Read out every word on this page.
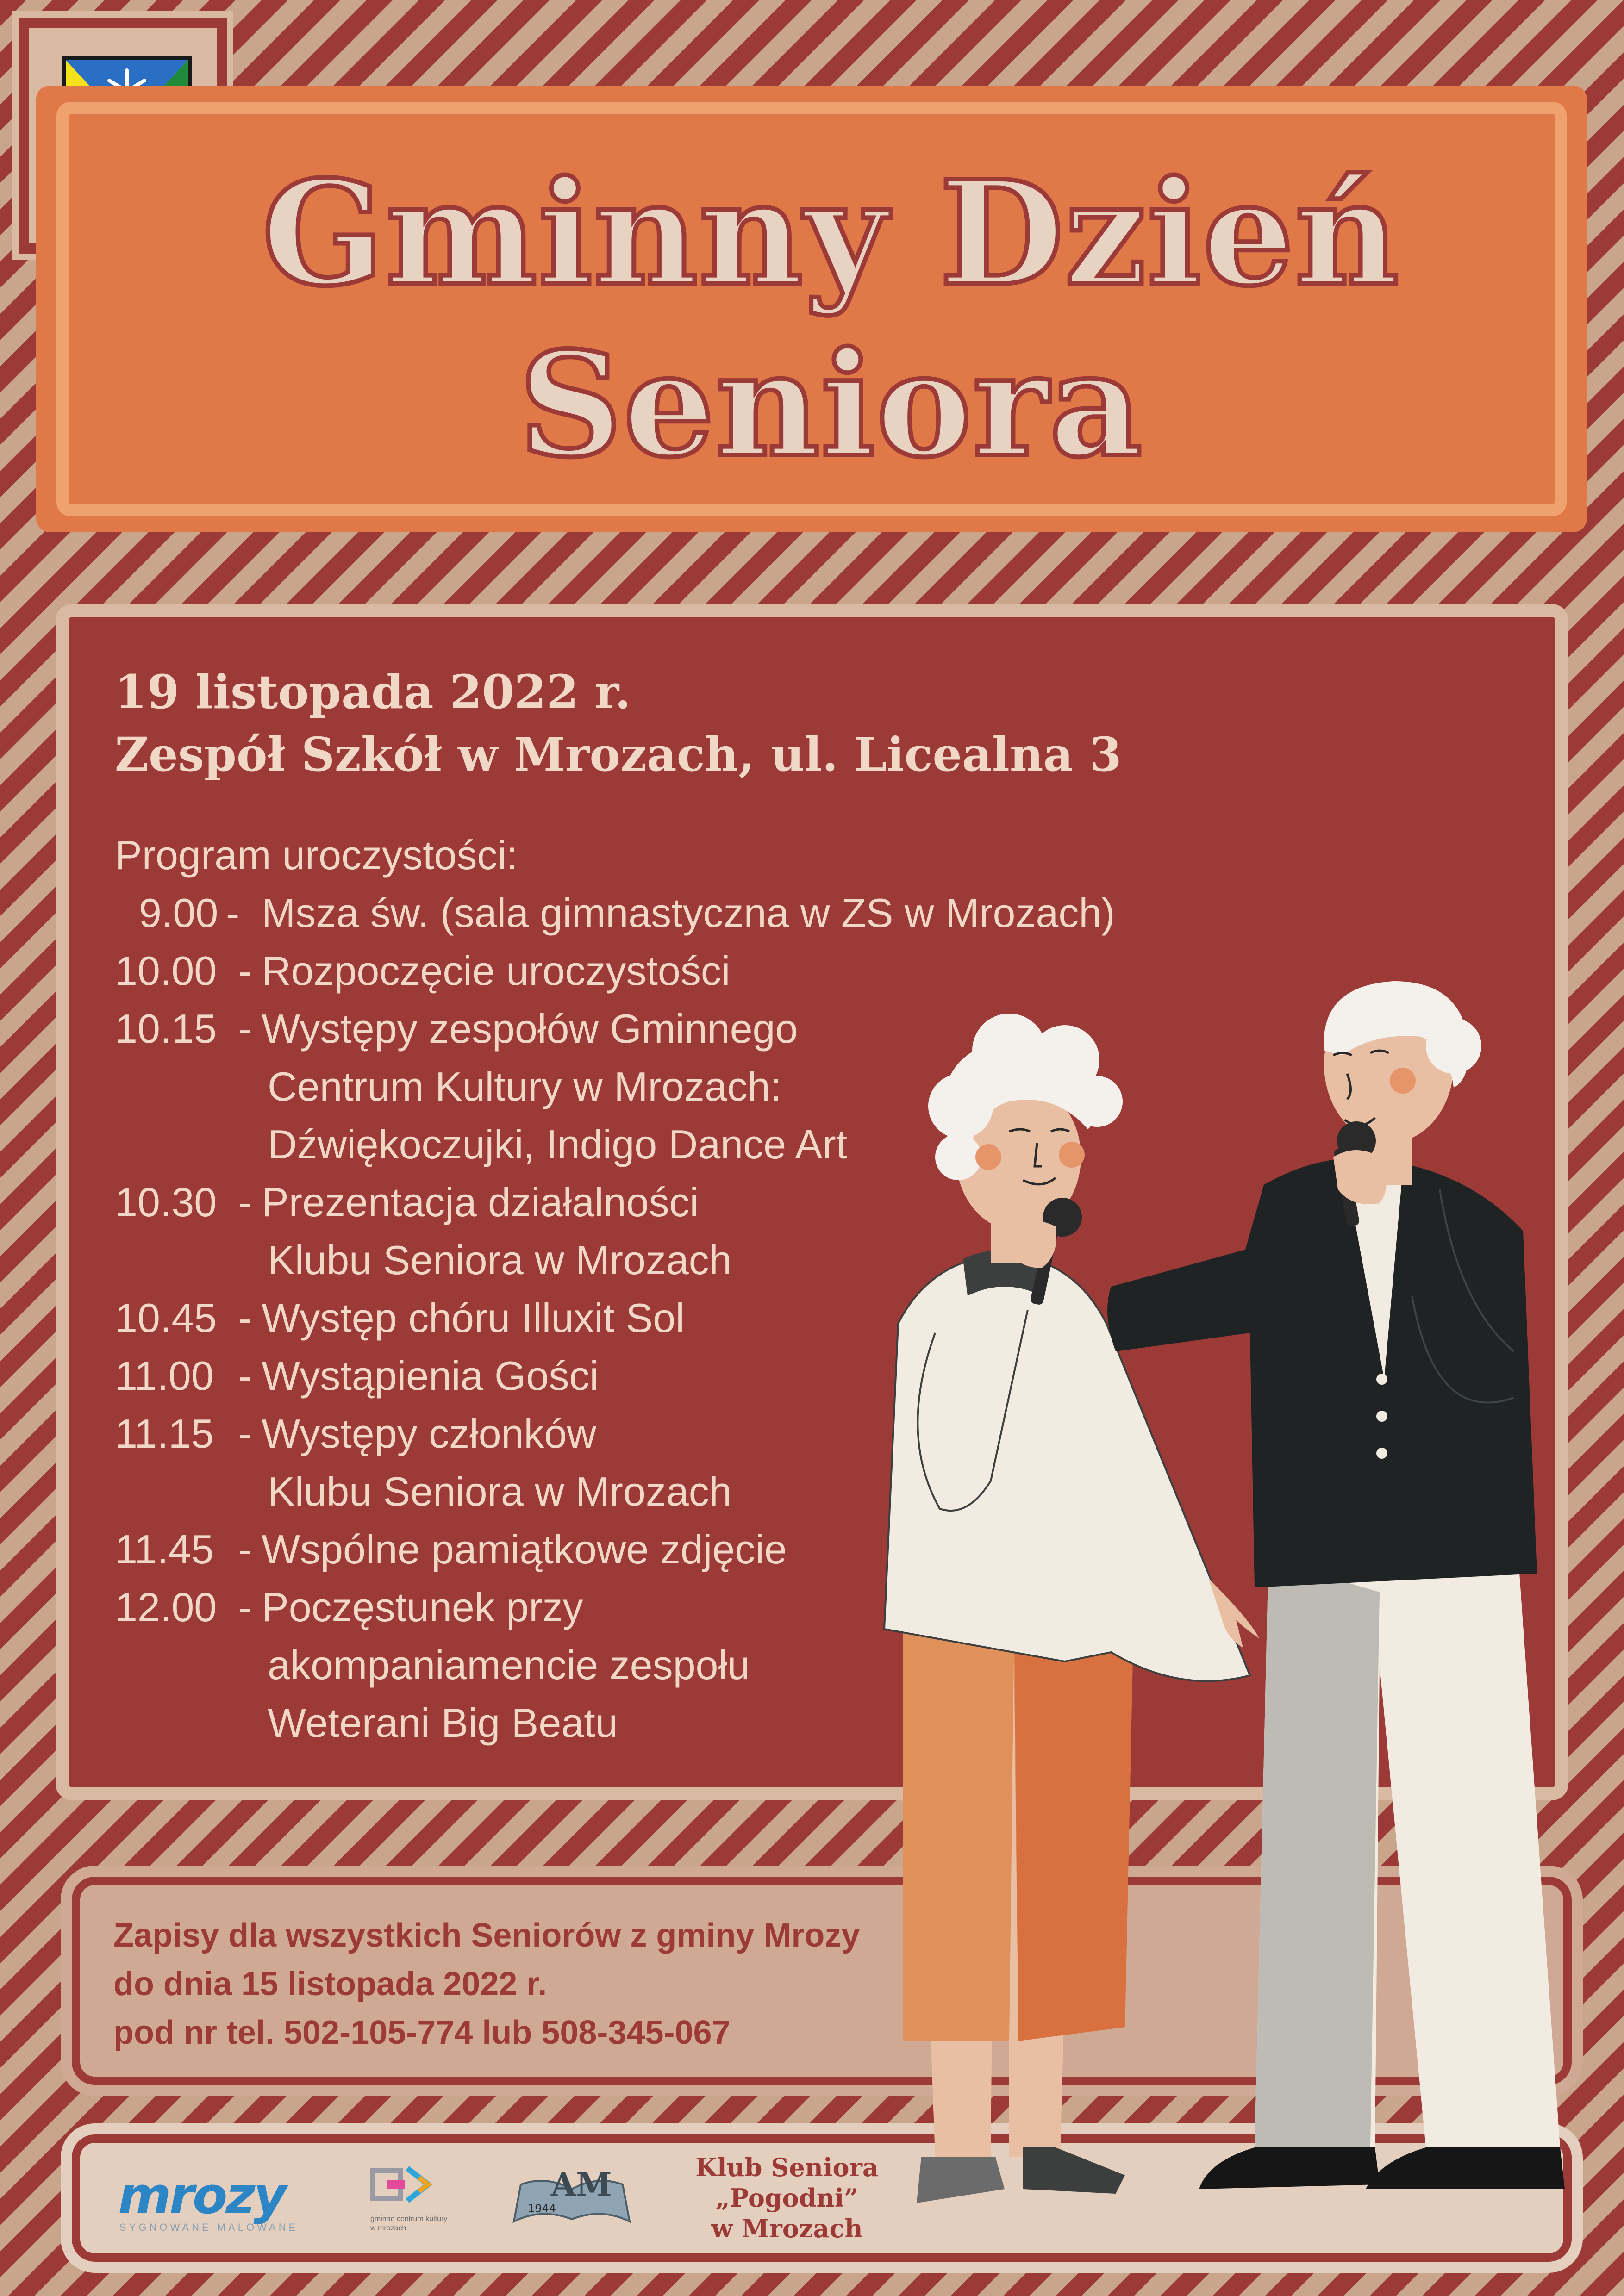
Gminny Dzień
Seniora
19 listopada 2022 r.
Zespół Szkół w Mrozach, ul. Licealna 3
Program uroczystości:
9.00
10.00
10.15
10.30
10.45
11.00
11.15
11.45
12.00
-
-
-
-
-
-
-
-
-
Msza św. (sala gimnastyczna w ZS w Mrozach)
Rozpoczęcie uroczystości
Występy zespołów Gminnego
Centrum Kultury w Mrozach:
Dźwiękoczujki, Indigo Dance Art
Prezentacja działalności
Klubu Seniora w Mrozach
Występ chóru Illuxit Sol
Wystąpienia Gości
Występy członków
Klubu Seniora w Mrozach
Wspólne pamiątkowe zdjęcie
Poczęstunek przy
akompaniamencie zespołu
Weterani Big Beatu
Zapisy dla wszystkich Seniorów z gminy Mrozy
do dnia 15 listopada 2022 r.
pod nr tel. 502-105-774 lub 508-345-067
mrozy
SYGNOWANE MALOWANE
gminne centrum kultury w mrozach
AM
1944
Klub Seniora
„Pogodni”
w Mrozach
